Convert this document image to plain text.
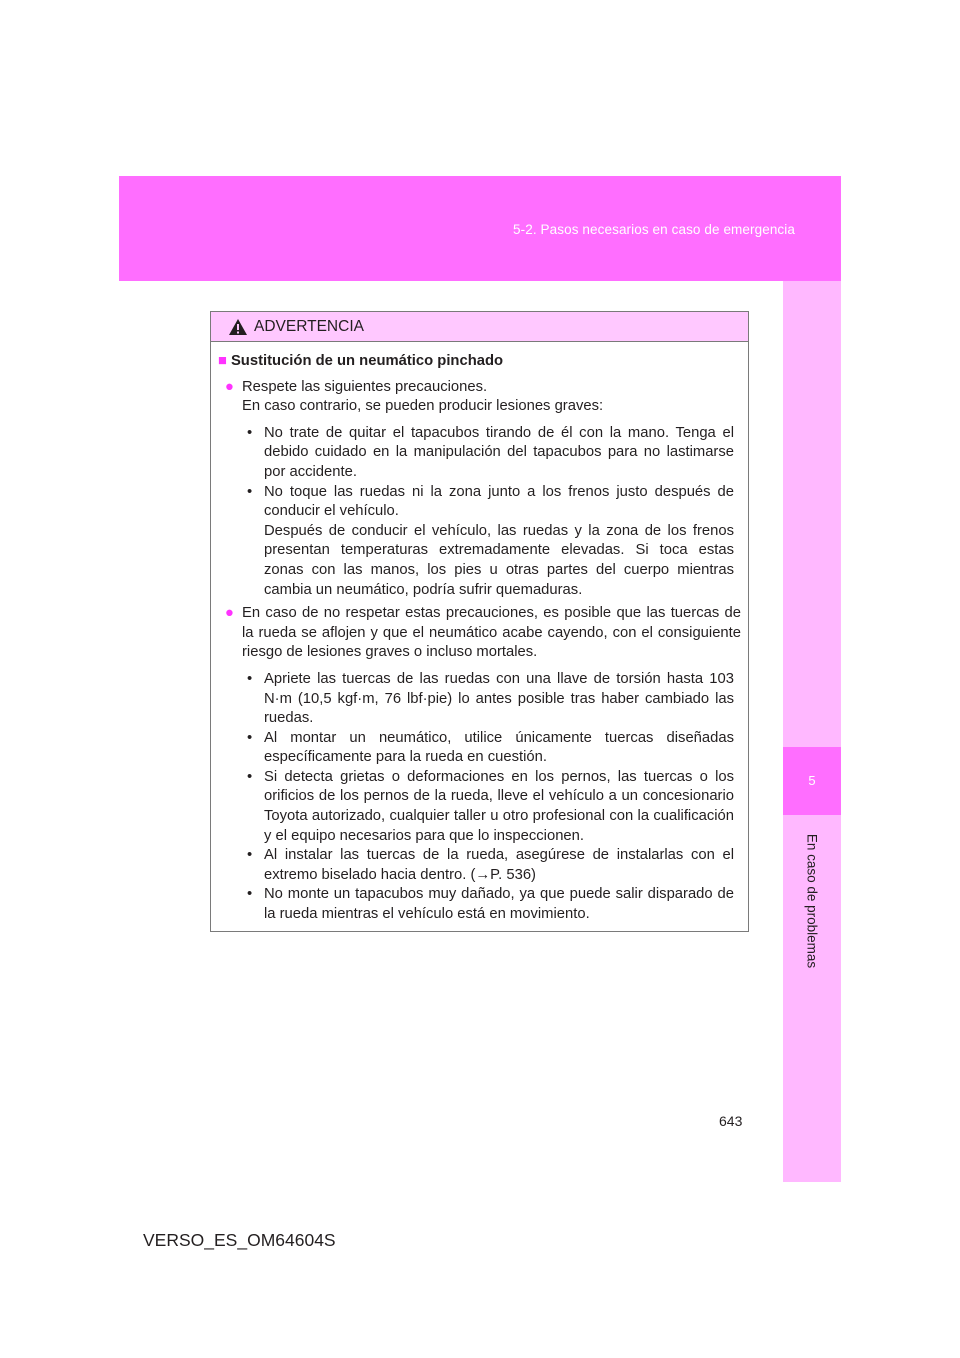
5-2. Pasos necesarios en caso de emergencia
5
En caso de problemas
ADVERTENCIA
■ Sustitución de un neumático pinchado
● Respete las siguientes precauciones.
En caso contrario, se pueden producir lesiones graves:
• No trate de quitar el tapacubos tirando de él con la mano. Tenga el debido cuidado en la manipulación del tapacubos para no lastimarse por accidente.
• No toque las ruedas ni la zona junto a los frenos justo después de conducir el vehículo.
Después de conducir el vehículo, las ruedas y la zona de los frenos presentan temperaturas extremadamente elevadas. Si toca estas zonas con las manos, los pies u otras partes del cuerpo mientras cambia un neumático, podría sufrir quemaduras.
● En caso de no respetar estas precauciones, es posible que las tuercas de la rueda se aflojen y que el neumático acabe cayendo, con el consiguiente riesgo de lesiones graves o incluso mortales.
• Apriete las tuercas de las ruedas con una llave de torsión hasta 103 N·m (10,5 kgf·m, 76 lbf·pie) lo antes posible tras haber cambiado las ruedas.
• Al montar un neumático, utilice únicamente tuercas diseñadas específicamente para la rueda en cuestión.
• Si detecta grietas o deformaciones en los pernos, las tuercas o los orificios de los pernos de la rueda, lleve el vehículo a un concesionario Toyota autorizado, cualquier taller u otro profesional con la cualificación y el equipo necesarios para que lo inspeccionen.
• Al instalar las tuercas de la rueda, asegúrese de instalarlas con el extremo biselado hacia dentro. (→P. 536)
• No monte un tapacubos muy dañado, ya que puede salir disparado de la rueda mientras el vehículo está en movimiento.
643
VERSO_ES_OM64604S
